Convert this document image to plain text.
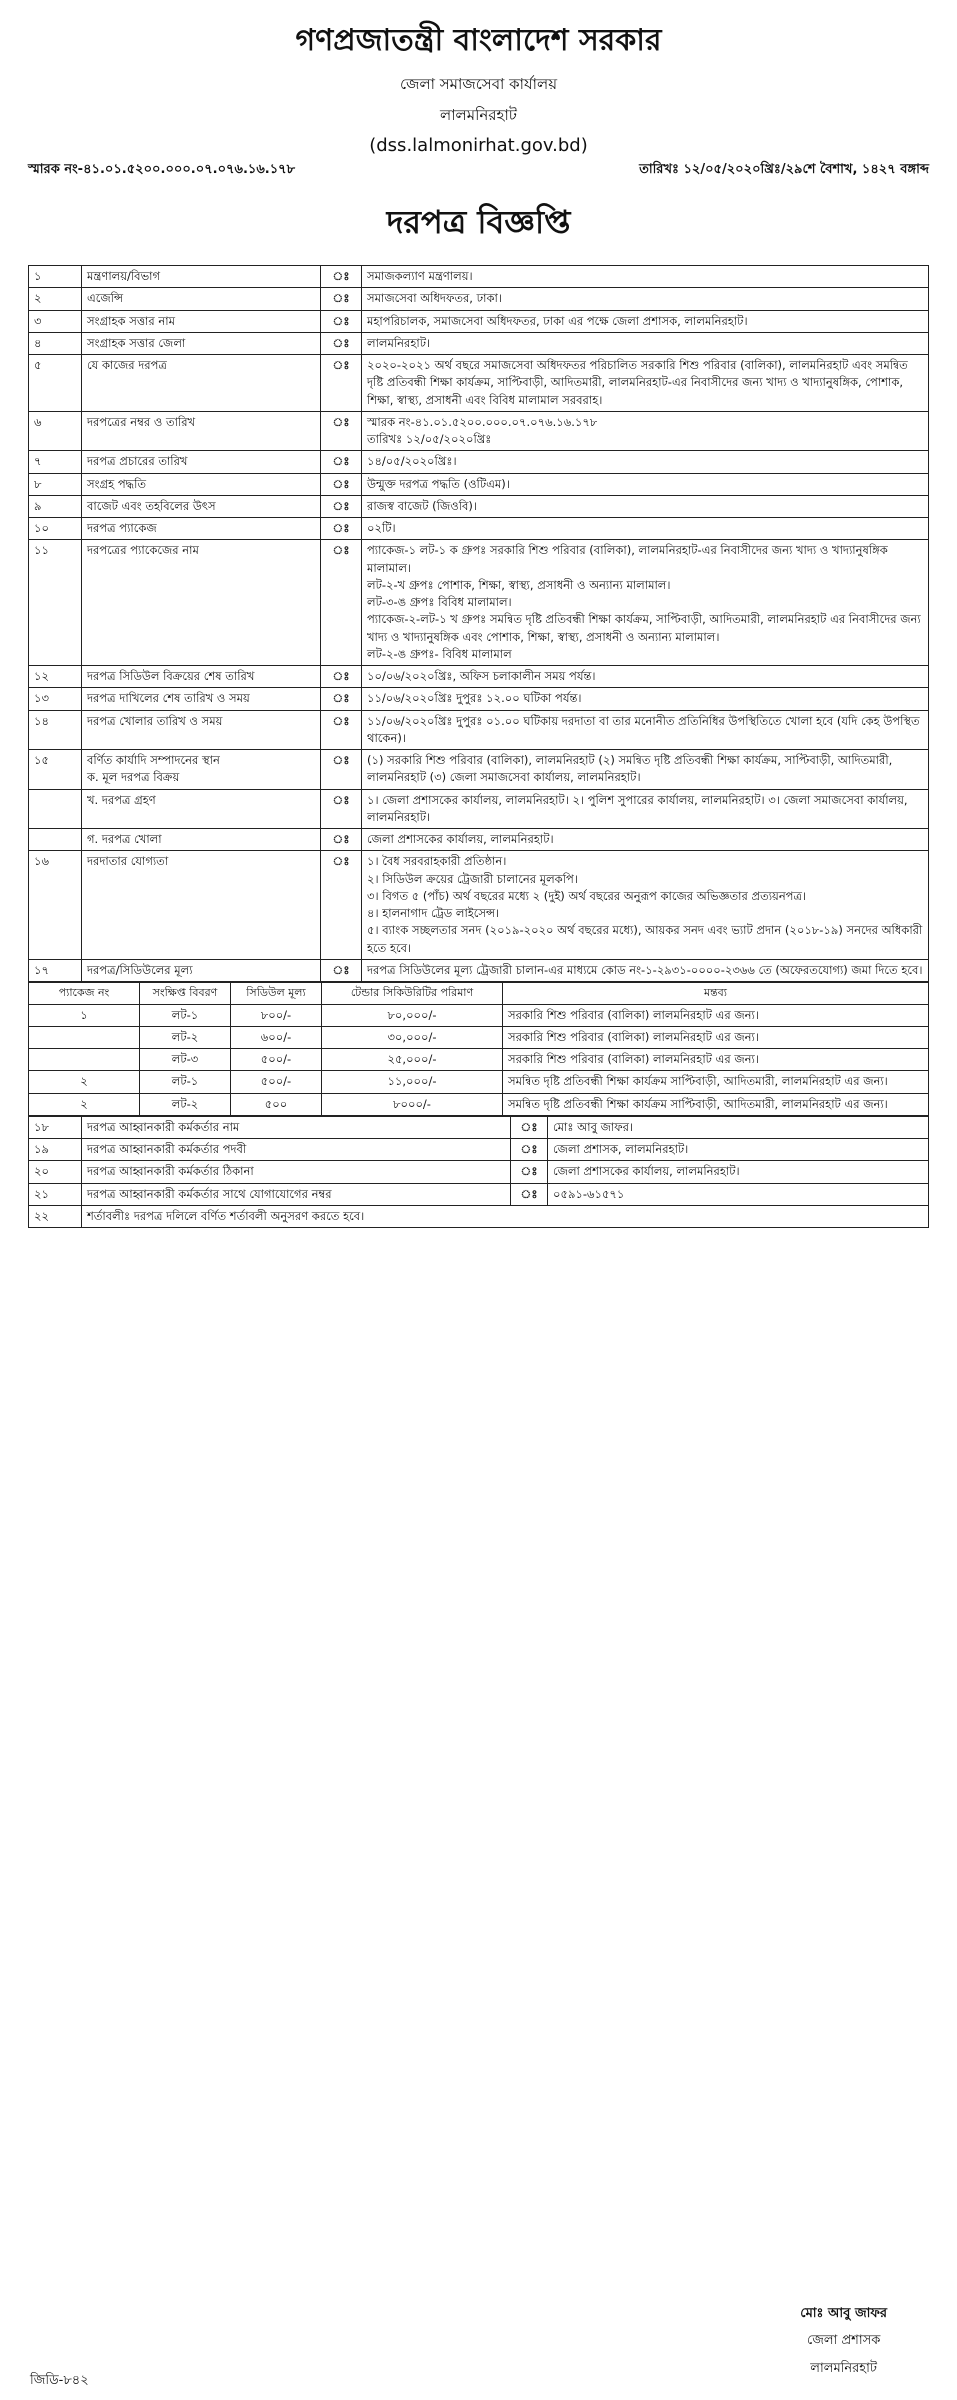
গণপ্রজাতন্ত্রী বাংলাদেশ সরকার
জেলা সমাজসেবা কার্যালয়
লালমনিরহাট
(dss.lalmonirhat.gov.bd)
স্মারক নং-৪১.০১.৫২০০.০০০.০৭.০৭৬.১৬.১৭৮	তারিখঃ ১২/০৫/২০২০খ্রিঃ/২৯শে বৈশাখ, ১৪২৭ বঙ্গাব্দ
দরপত্র বিজ্ঞপ্তি
১	মন্ত্রণালয়/বিভাগ	ঃ	সমাজকল্যাণ মন্ত্রণালয়।
২	এজেন্সি	ঃ	সমাজসেবা অধিদফতর, ঢাকা।
৩	সংগ্রাহক সত্তার নাম	ঃ	মহাপরিচালক, সমাজসেবা অধিদফতর, ঢাকা এর পক্ষে জেলা প্রশাসক, লালমনিরহাট।
৪	সংগ্রাহক সত্তার জেলা	ঃ	লালমনিরহাট।
৫	যে কাজের দরপত্র	ঃ	২০২০-২০২১ অর্থ বছরে সমাজসেবা অধিদফতর পরিচালিত সরকারি শিশু পরিবার (বালিকা), লালমনিরহাট এবং সমন্বিত দৃষ্টি প্রতিবন্ধী শিক্ষা কার্যক্রম, সাপ্টিবাড়ী, আদিতমারী, লালমনিরহাট-এর নিবাসীদের জন্য খাদ্য ও খাদ্যানুষঙ্গিক, পোশাক, শিক্ষা, স্বাস্থ্য, প্রসাধনী এবং বিবিধ মালামাল সরবরাহ।
৬	দরপত্রের নম্বর ও তারিখ	ঃ	স্মারক নং-৪১.০১.৫২০০.০০০.০৭.০৭৬.১৬.১৭৮
তারিখঃ ১২/০৫/২০২০খ্রিঃ
৭	দরপত্র প্রচারের তারিখ	ঃ	১৪/০৫/২০২০খ্রিঃ।
৮	সংগ্রহ পদ্ধতি	ঃ	উন্মুক্ত দরপত্র পদ্ধতি (ওটিএম)।
৯	বাজেট এবং তহবিলের উৎস	ঃ	রাজস্ব বাজেট (জিওবি)।
১০	দরপত্র প্যাকেজ	ঃ	০২টি।
১১	দরপত্রের প্যাকেজের নাম	ঃ	প্যাকেজ-১ লট-১ ক গ্রুপঃ সরকারি শিশু পরিবার (বালিকা), লালমনিরহাট-এর নিবাসীদের জন্য খাদ্য ও খাদ্যানুষঙ্গিক মালামাল।
লট-২-খ গ্রুপঃ পোশাক, শিক্ষা, স্বাস্থ্য, প্রসাধনী ও অন্যান্য মালামাল।
লট-৩-ঙ গ্রুপঃ বিবিধ মালামাল।
প্যাকেজ-২-লট-১ খ গ্রুপঃ সমন্বিত দৃষ্টি প্রতিবন্ধী শিক্ষা কার্যক্রম, সাপ্টিবাড়ী, আদিতমারী, লালমনিরহাট এর নিবাসীদের জন্য খাদ্য ও খাদ্যানুষঙ্গিক এবং পোশাক, শিক্ষা, স্বাস্থ্য, প্রসাধনী ও অন্যান্য মালামাল।
লট-২-ঙ গ্রুপঃ- বিবিধ মালামাল
১২	দরপত্র সিডিউল বিক্রয়ের শেষ তারিখ	ঃ	১০/০৬/২০২০খ্রিঃ, অফিস চলাকালীন সময় পর্যন্ত।
১৩	দরপত্র দাখিলের শেষ তারিখ ও সময়	ঃ	১১/০৬/২০২০খ্রিঃ দুপুরঃ ১২.০০ ঘটিকা পর্যন্ত।
১৪	দরপত্র খোলার তারিখ ও সময়	ঃ	১১/০৬/২০২০খ্রিঃ দুপুরঃ ০১.০০ ঘটিকায় দরদাতা বা তার মনোনীত প্রতিনিধির উপস্থিতিতে খোলা হবে (যদি কেহ উপস্থিত থাকেন)।
১৫	বর্ণিত কার্যাদি সম্পাদনের স্থান
ক. মূল দরপত্র বিক্রয়	ঃ	(১) সরকারি শিশু পরিবার (বালিকা), লালমনিরহাট (২) সমন্বিত দৃষ্টি প্রতিবন্ধী শিক্ষা কার্যক্রম, সাপ্টিবাড়ী, আদিতমারী, লালমনিরহাট (৩) জেলা সমাজসেবা কার্যালয়, লালমনিরহাট।
	খ. দরপত্র গ্রহণ	ঃ	১। জেলা প্রশাসকের কার্যালয়, লালমনিরহাট। ২। পুলিশ সুপারের কার্যালয়, লালমনিরহাট। ৩। জেলা সমাজসেবা কার্যালয়, লালমনিরহাট।
	গ. দরপত্র খোলা	ঃ	জেলা প্রশাসকের কার্যালয়, লালমনিরহাট।
১৬	দরদাতার যোগ্যতা	ঃ	১। বৈধ সরবরাহকারী প্রতিষ্ঠান।
২। সিডিউল ক্রয়ের ট্রেজারী চালানের মূলকপি।
৩। বিগত ৫ (পাঁচ) অর্থ বছরের মধ্যে ২ (দুই) অর্থ বছরের অনুরূপ কাজের অভিজ্ঞতার প্রত্যয়নপত্র।
৪। হালনাগাদ ট্রেড লাইসেন্স।
৫। ব্যাংক সচ্ছলতার সনদ (২০১৯-২০২০ অর্থ বছরের মধ্যে), আয়কর সনদ এবং ভ্যাট প্রদান (২০১৮-১৯) সনদের অধিকারী হতে হবে।
১৭	দরপত্র/সিডিউলের মূল্য	ঃ	দরপত্র সিডিউলের মূল্য ট্রেজারী চালান-এর মাধ্যমে কোড নং-১-২৯৩১-০০০০-২৩৬৬ তে (অফেরতযোগ্য) জমা দিতে হবে।
প্যাকেজ নং	সংক্ষিপ্ত বিবরণ	সিডিউল মূল্য	টেন্ডার সিকিউরিটির পরিমাণ	মন্তব্য
১	লট-১	৮০০/-	৮০,০০০/-	সরকারি শিশু পরিবার (বালিকা) লালমনিরহাট এর জন্য।
	লট-২	৬০০/-	৩০,০০০/-	সরকারি শিশু পরিবার (বালিকা) লালমনিরহাট এর জন্য।
	লট-৩	৫০০/-	২৫,০০০/-	সরকারি শিশু পরিবার (বালিকা) লালমনিরহাট এর জন্য।
২	লট-১	৫০০/-	১১,০০০/-	সমন্বিত দৃষ্টি প্রতিবন্ধী শিক্ষা কার্যক্রম সাপ্টিবাড়ী, আদিতমারী, লালমনিরহাট এর জন্য।
২	লট-২	৫০০	৮০০০/-	সমন্বিত দৃষ্টি প্রতিবন্ধী শিক্ষা কার্যক্রম সাপ্টিবাড়ী, আদিতমারী, লালমনিরহাট এর জন্য।
১৮	দরপত্র আহ্বানকারী কর্মকর্তার নাম	ঃ	মোঃ আবু জাফর।
১৯	দরপত্র আহ্বানকারী কর্মকর্তার পদবী	ঃ	জেলা প্রশাসক, লালমনিরহাট।
২০	দরপত্র আহ্বানকারী কর্মকর্তার ঠিকানা	ঃ	জেলা প্রশাসকের কার্যালয়, লালমনিরহাট।
২১	দরপত্র আহ্বানকারী কর্মকর্তার সাথে যোগাযোগের নম্বর	ঃ	০৫৯১-৬১৫৭১
২২	শর্তাবলীঃ দরপত্র দলিলে বর্ণিত শর্তাবলী অনুসরণ করতে হবে।		
মোঃ আবু জাফর
জেলা প্রশাসক
লালমনিরহাট
জিডি-৮৪২
